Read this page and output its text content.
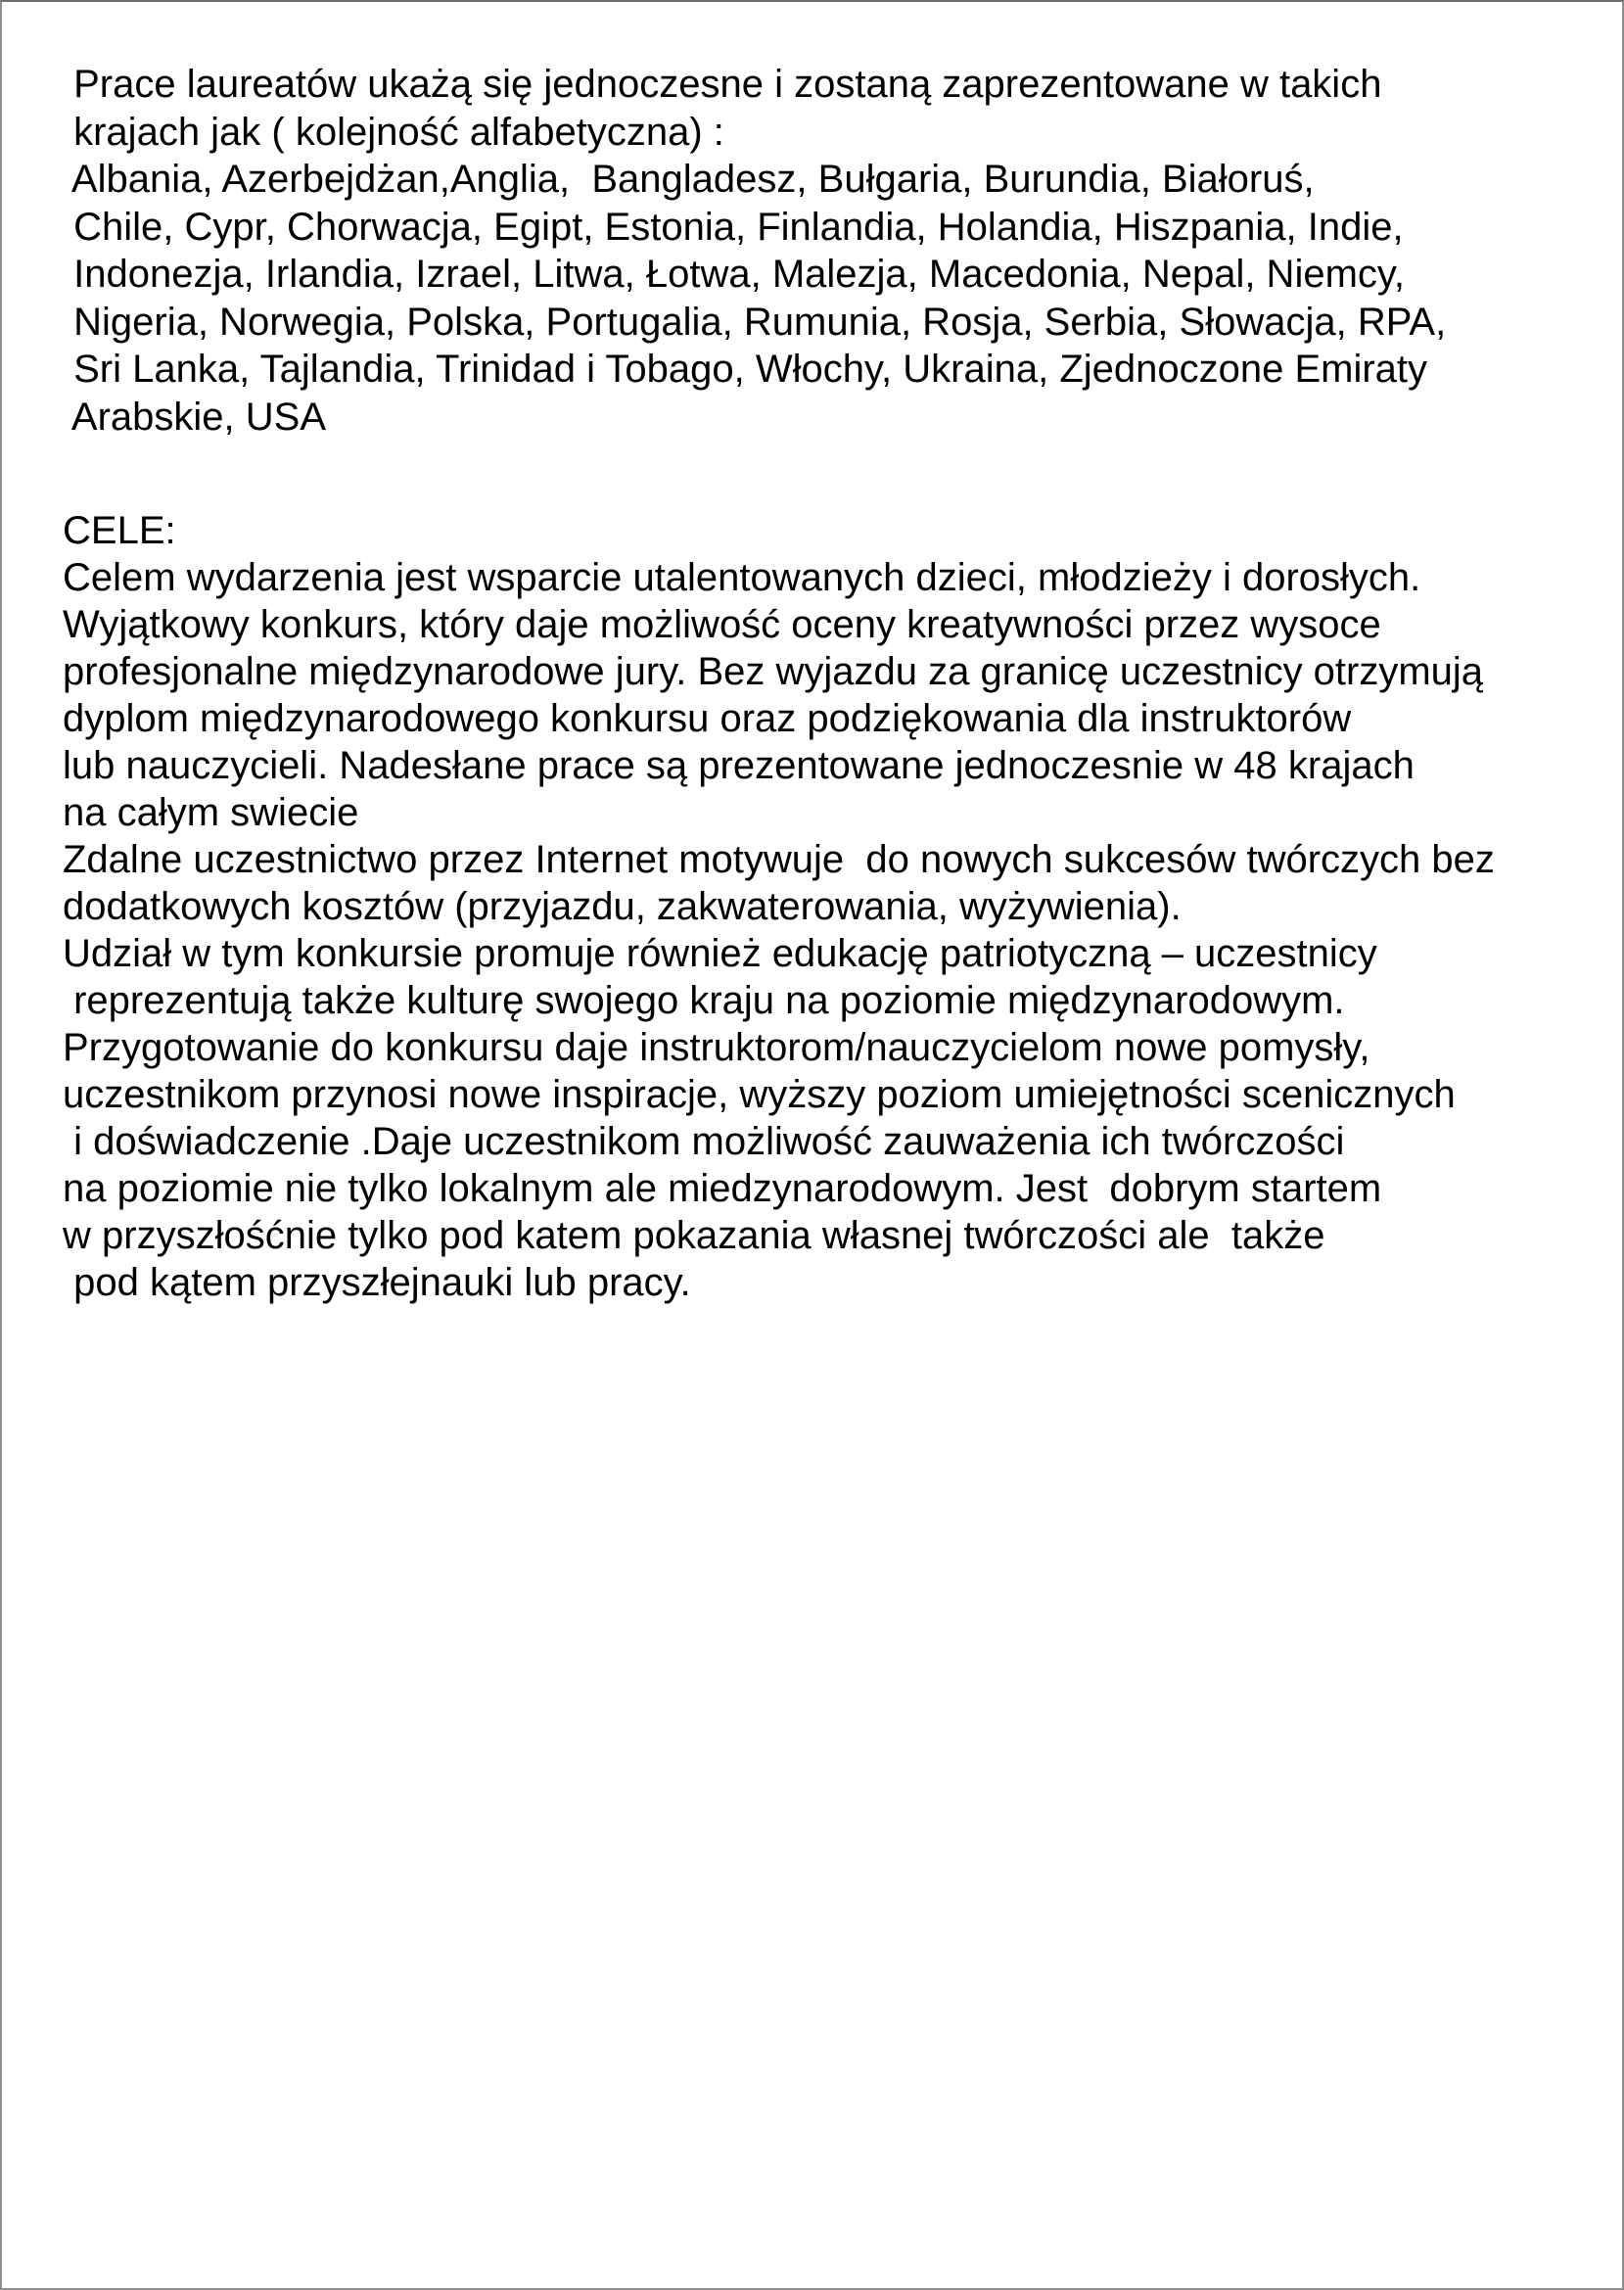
Prace laureatów ukażą się jednoczesne i zostaną zaprezentowane w takich
krajach jak ( kolejność alfabetyczna) :
Albania, Azerbejdżan,Anglia,  Bangladesz, Bułgaria, Burundia, Białoruś,
Chile, Cypr, Chorwacja, Egipt, Estonia, Finlandia, Holandia, Hiszpania, Indie,
Indonezja, Irlandia, Izrael, Litwa, Łotwa, Malezja, Macedonia, Nepal, Niemcy,
Nigeria, Norwegia, Polska, Portugalia, Rumunia, Rosja, Serbia, Słowacja, RPA,
Sri Lanka, Tajlandia, Trinidad i Tobago, Włochy, Ukraina, Zjednoczone Emiraty
Arabskie, USA
CELE:
Celem wydarzenia jest wsparcie utalentowanych dzieci, młodzieży i dorosłych.
Wyjątkowy konkurs, który daje możliwość oceny kreatywności przez wysoce
profesjonalne międzynarodowe jury. Bez wyjazdu za granicę uczestnicy otrzymują
dyplom międzynarodowego konkursu oraz podziękowania dla instruktorów
lub nauczycieli. Nadesłane prace są prezentowane jednoczesnie w 48 krajach
na całym swiecie
Zdalne uczestnictwo przez Internet motywuje  do nowych sukcesów twórczych bez
dodatkowych kosztów (przyjazdu, zakwaterowania, wyżywienia).
Udział w tym konkursie promuje również edukację patriotyczną – uczestnicy
reprezentują także kulturę swojego kraju na poziomie międzynarodowym.
Przygotowanie do konkursu daje instruktorom/nauczycielom nowe pomysły,
uczestnikom przynosi nowe inspiracje, wyższy poziom umiejętności scenicznych
i doświadczenie .Daje uczestnikom możliwość zauważenia ich twórczości
na poziomie nie tylko lokalnym ale miedzynarodowym. Jest  dobrym startem
w przyszłośćnie tylko pod katem pokazania własnej twórczości ale  także
pod kątem przyszłejnauki lub pracy.
